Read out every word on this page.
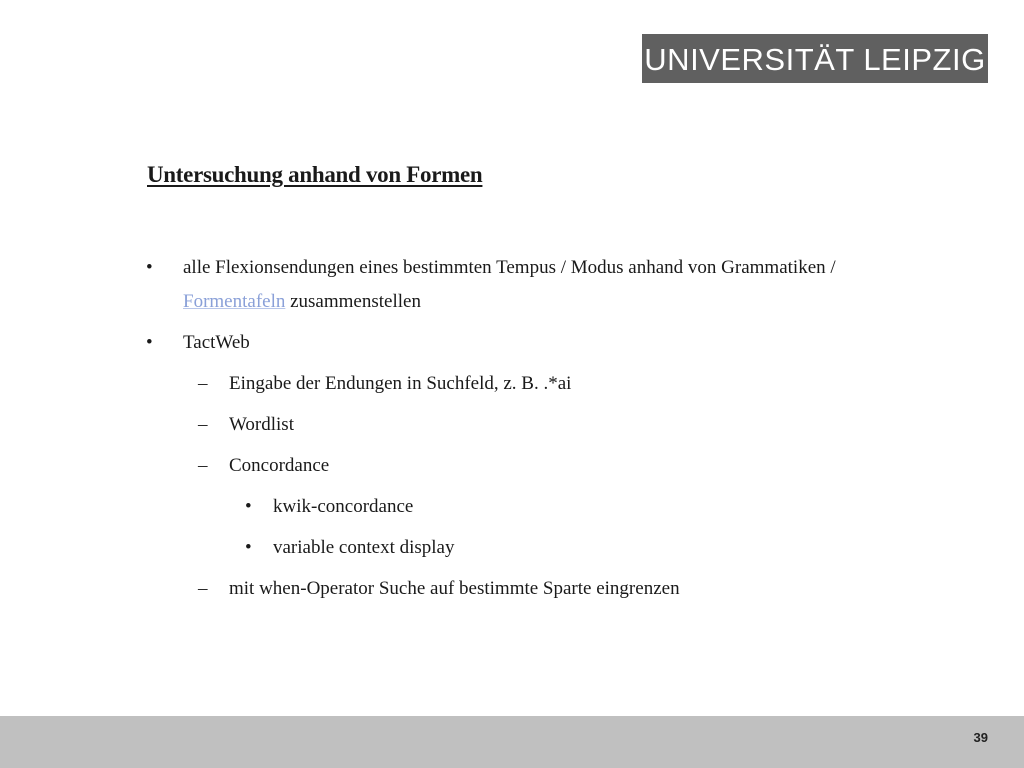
UNIVERSITÄT LEIPZIG
Untersuchung anhand von Formen
• alle Flexionsendungen eines bestimmten Tempus / Modus anhand von Grammatiken /
Formentafeln zusammenstellen
• TactWeb
– Eingabe der Endungen in Suchfeld, z. B. .*ai
– Wordlist
– Concordance
• kwik-concordance
• variable context display
– mit when-Operator Suche auf bestimmte Sparte eingrenzen
39
